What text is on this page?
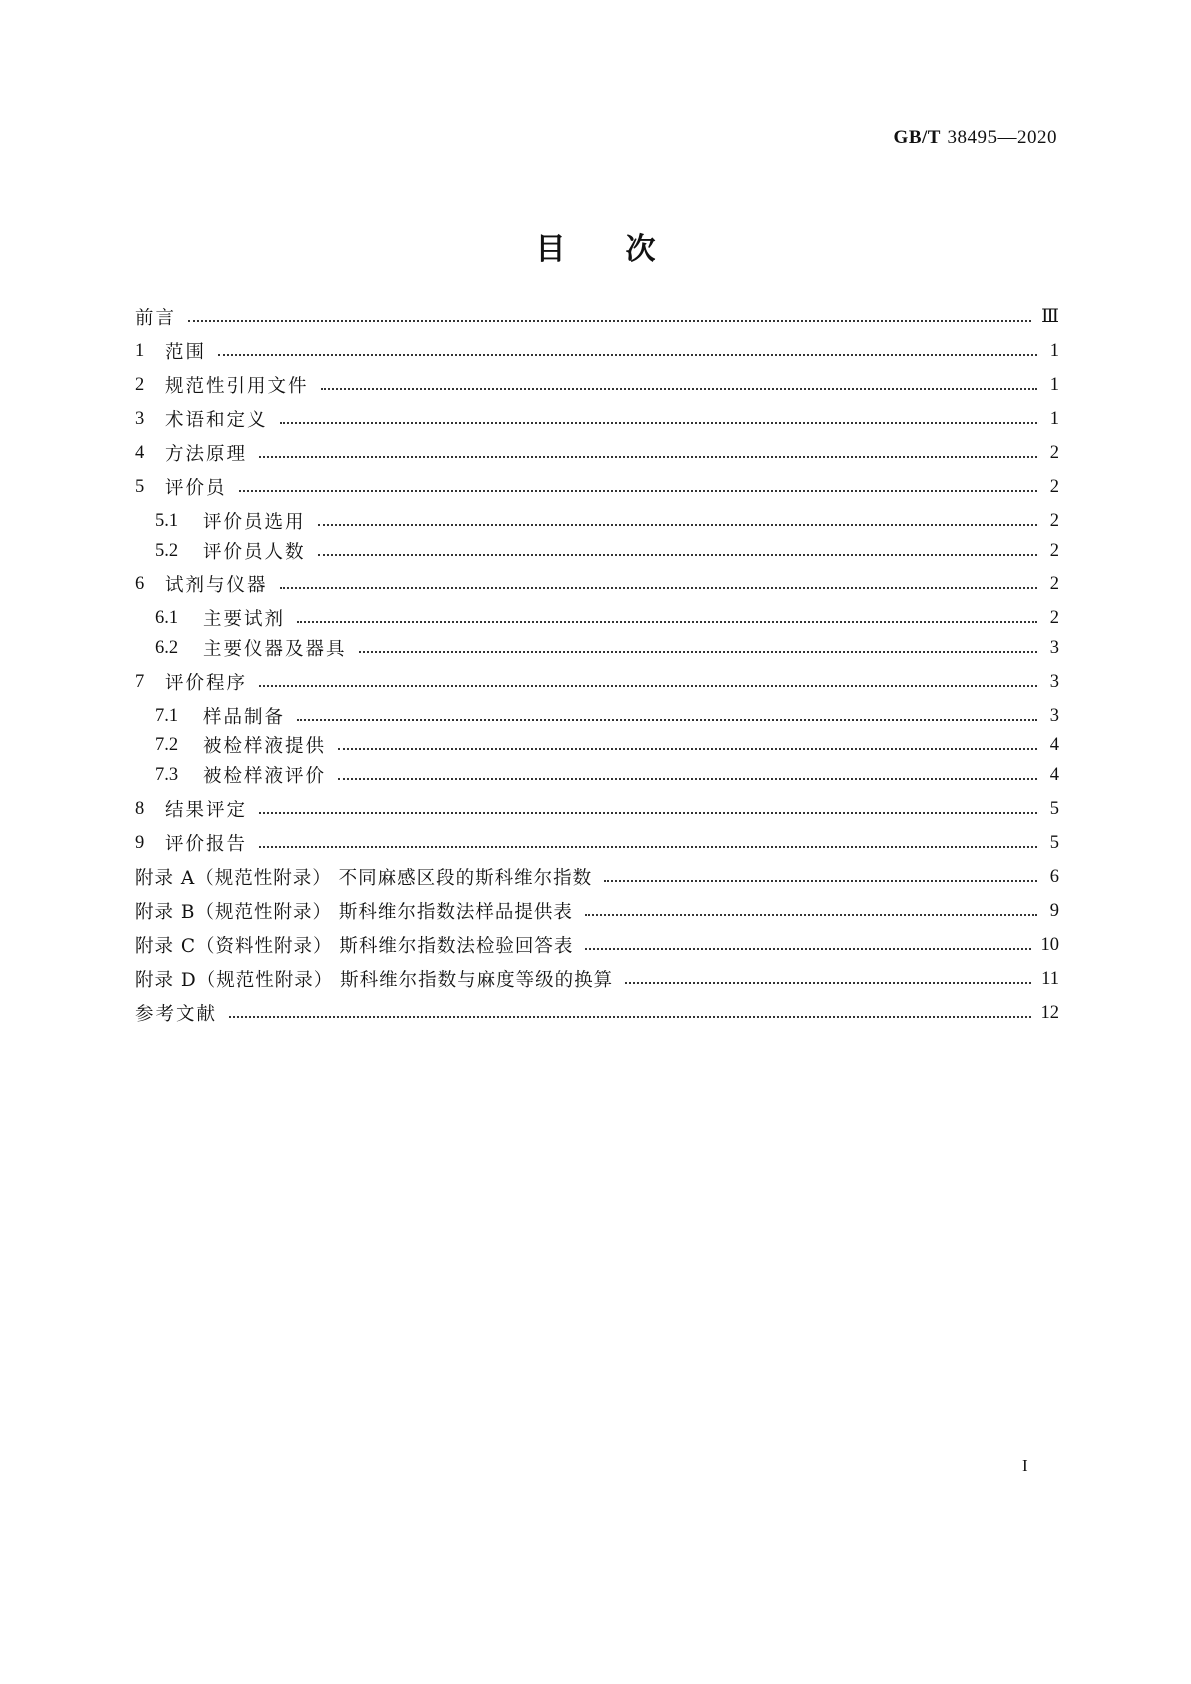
GB/T 38495—2020
目次
前言	Ⅲ
1	范围	1
2	规范性引用文件	1
3	术语和定义	1
4	方法原理	2
5	评价员	2
5.1	评价员选用	2
5.2	评价员人数	2
6	试剂与仪器	2
6.1	主要试剂	2
6.2	主要仪器及器具	3
7	评价程序	3
7.1	样品制备	3
7.2	被检样液提供	4
7.3	被检样液评价	4
8	结果评定	5
9	评价报告	5
附录 A（规范性附录） 不同麻感区段的斯科维尔指数	6
附录 B（规范性附录） 斯科维尔指数法样品提供表	9
附录 C（资料性附录） 斯科维尔指数法检验回答表	10
附录 D（规范性附录） 斯科维尔指数与麻度等级的换算	11
参考文献	12
I
